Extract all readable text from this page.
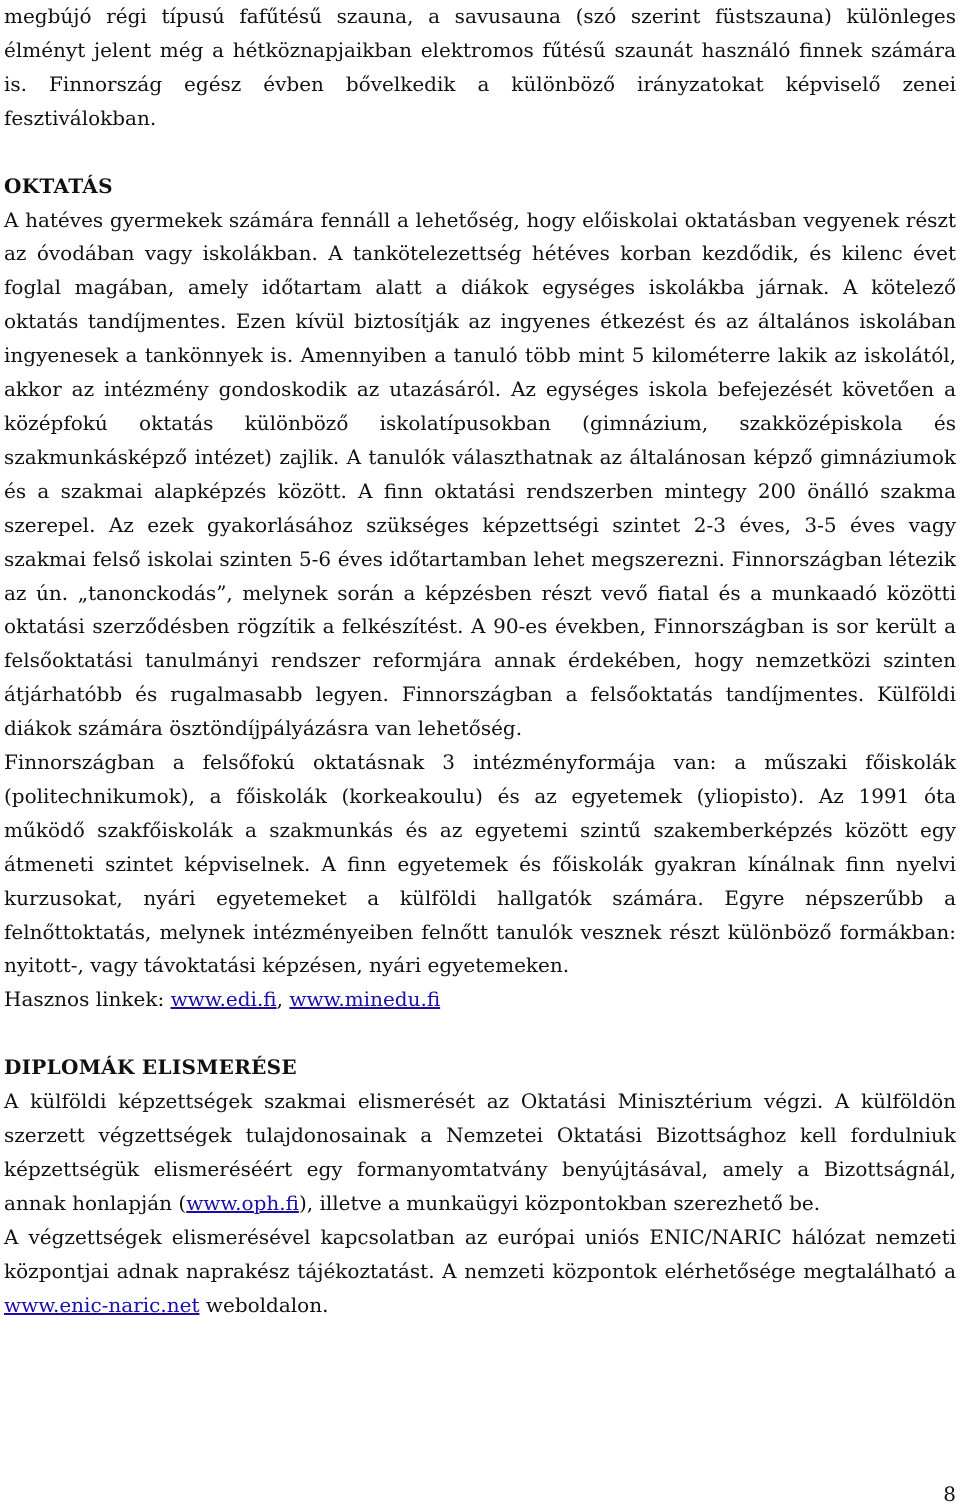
megbújó régi típusú fafűtésű szauna, a savusauna (szó szerint füstszauna) különleges élményt jelent még a hétköznapjaikban elektromos fűtésű szaunát használó finnek számára is. Finnország egész évben bővelkedik a különböző irányzatokat képviselő zenei fesztiválokban.

OKTATÁS

A hatéves gyermekek számára fennáll a lehetőség, hogy előiskolai oktatásban vegyenek részt az óvodában vagy iskolákban. A tankötelezettség hétéves korban kezdődik, és kilenc évet foglal magában, amely időtartam alatt a diákok egységes iskolákba járnak. A kötelező oktatás tandíjmentes. Ezen kívül biztosítják az ingyenes étkezést és az általános iskolában ingyenesek a tankönnyek is. Amennyiben a tanuló több mint 5 kilométerre lakik az iskolától, akkor az intézmény gondoskodik az utazásáról. Az egységes iskola befejezését követően a középfokú oktatás különböző iskolatípusokban (gimnázium, szakközépiskola és szakmunkásképző intézet) zajlik. A tanulók választhatnak az általánosan képző gimnáziumok és a szakmai alapképzés között. A finn oktatási rendszerben mintegy 200 önálló szakma szerepel. Az ezek gyakorlásához szükséges képzettségi szintet 2-3 éves, 3-5 éves vagy szakmai felső iskolai szinten 5-6 éves időtartamban lehet megszerezni. Finnországban létezik az ún. „tanonckodás”, melynek során a képzésben részt vevő fiatal és a munkaadó közötti oktatási szerződésben rögzítik a felkészítést. A 90-es években, Finnországban is sor került a felsőoktatási tanulmányi rendszer reformjára annak érdekében, hogy nemzetközi szinten átjárhatóbb és rugalmasabb legyen. Finnországban a felsőoktatás tandíjmentes. Külföldi diákok számára ösztöndíjpályázásra van lehetőség.

Finnországban a felsőfokú oktatásnak 3 intézményformája van: a műszaki főiskolák (politechnikumok), a főiskolák (korkeakoulu) és az egyetemek (yliopisto). Az 1991 óta működő szakfőiskolák a szakmunkás és az egyetemi szintű szakemberképzés között egy átmeneti szintet képviselnek. A finn egyetemek és főiskolák gyakran kínálnak finn nyelvi kurzusokat, nyári egyetemeket a külföldi hallgatók számára. Egyre népszerűbb a felnőttoktatás, melynek intézményeiben felnőtt tanulók vesznek részt különböző formákban: nyitott-, vagy távoktatási képzésen, nyári egyetemeken.

Hasznos linkek: www.edi.fi, www.minedu.fi

DIPLOMÁK ELISMERÉSE

A külföldi képzettségek szakmai elismerését az Oktatási Minisztérium végzi. A külföldön szerzett végzettségek tulajdonosainak a Nemzetei Oktatási Bizottsághoz kell fordulniuk képzettségük elismeréséért egy formanyomtatvány benyújtásával, amely a Bizottságnál, annak honlapján (www.oph.fi), illetve a munkaügyi központokban szerezhető be.

A végzettségek elismerésével kapcsolatban az európai uniós ENIC/NARIC hálózat nemzeti központjai adnak naprakész tájékoztatást. A nemzeti központok elérhetősége megtalálható a www.enic-naric.net weboldalon.

8
